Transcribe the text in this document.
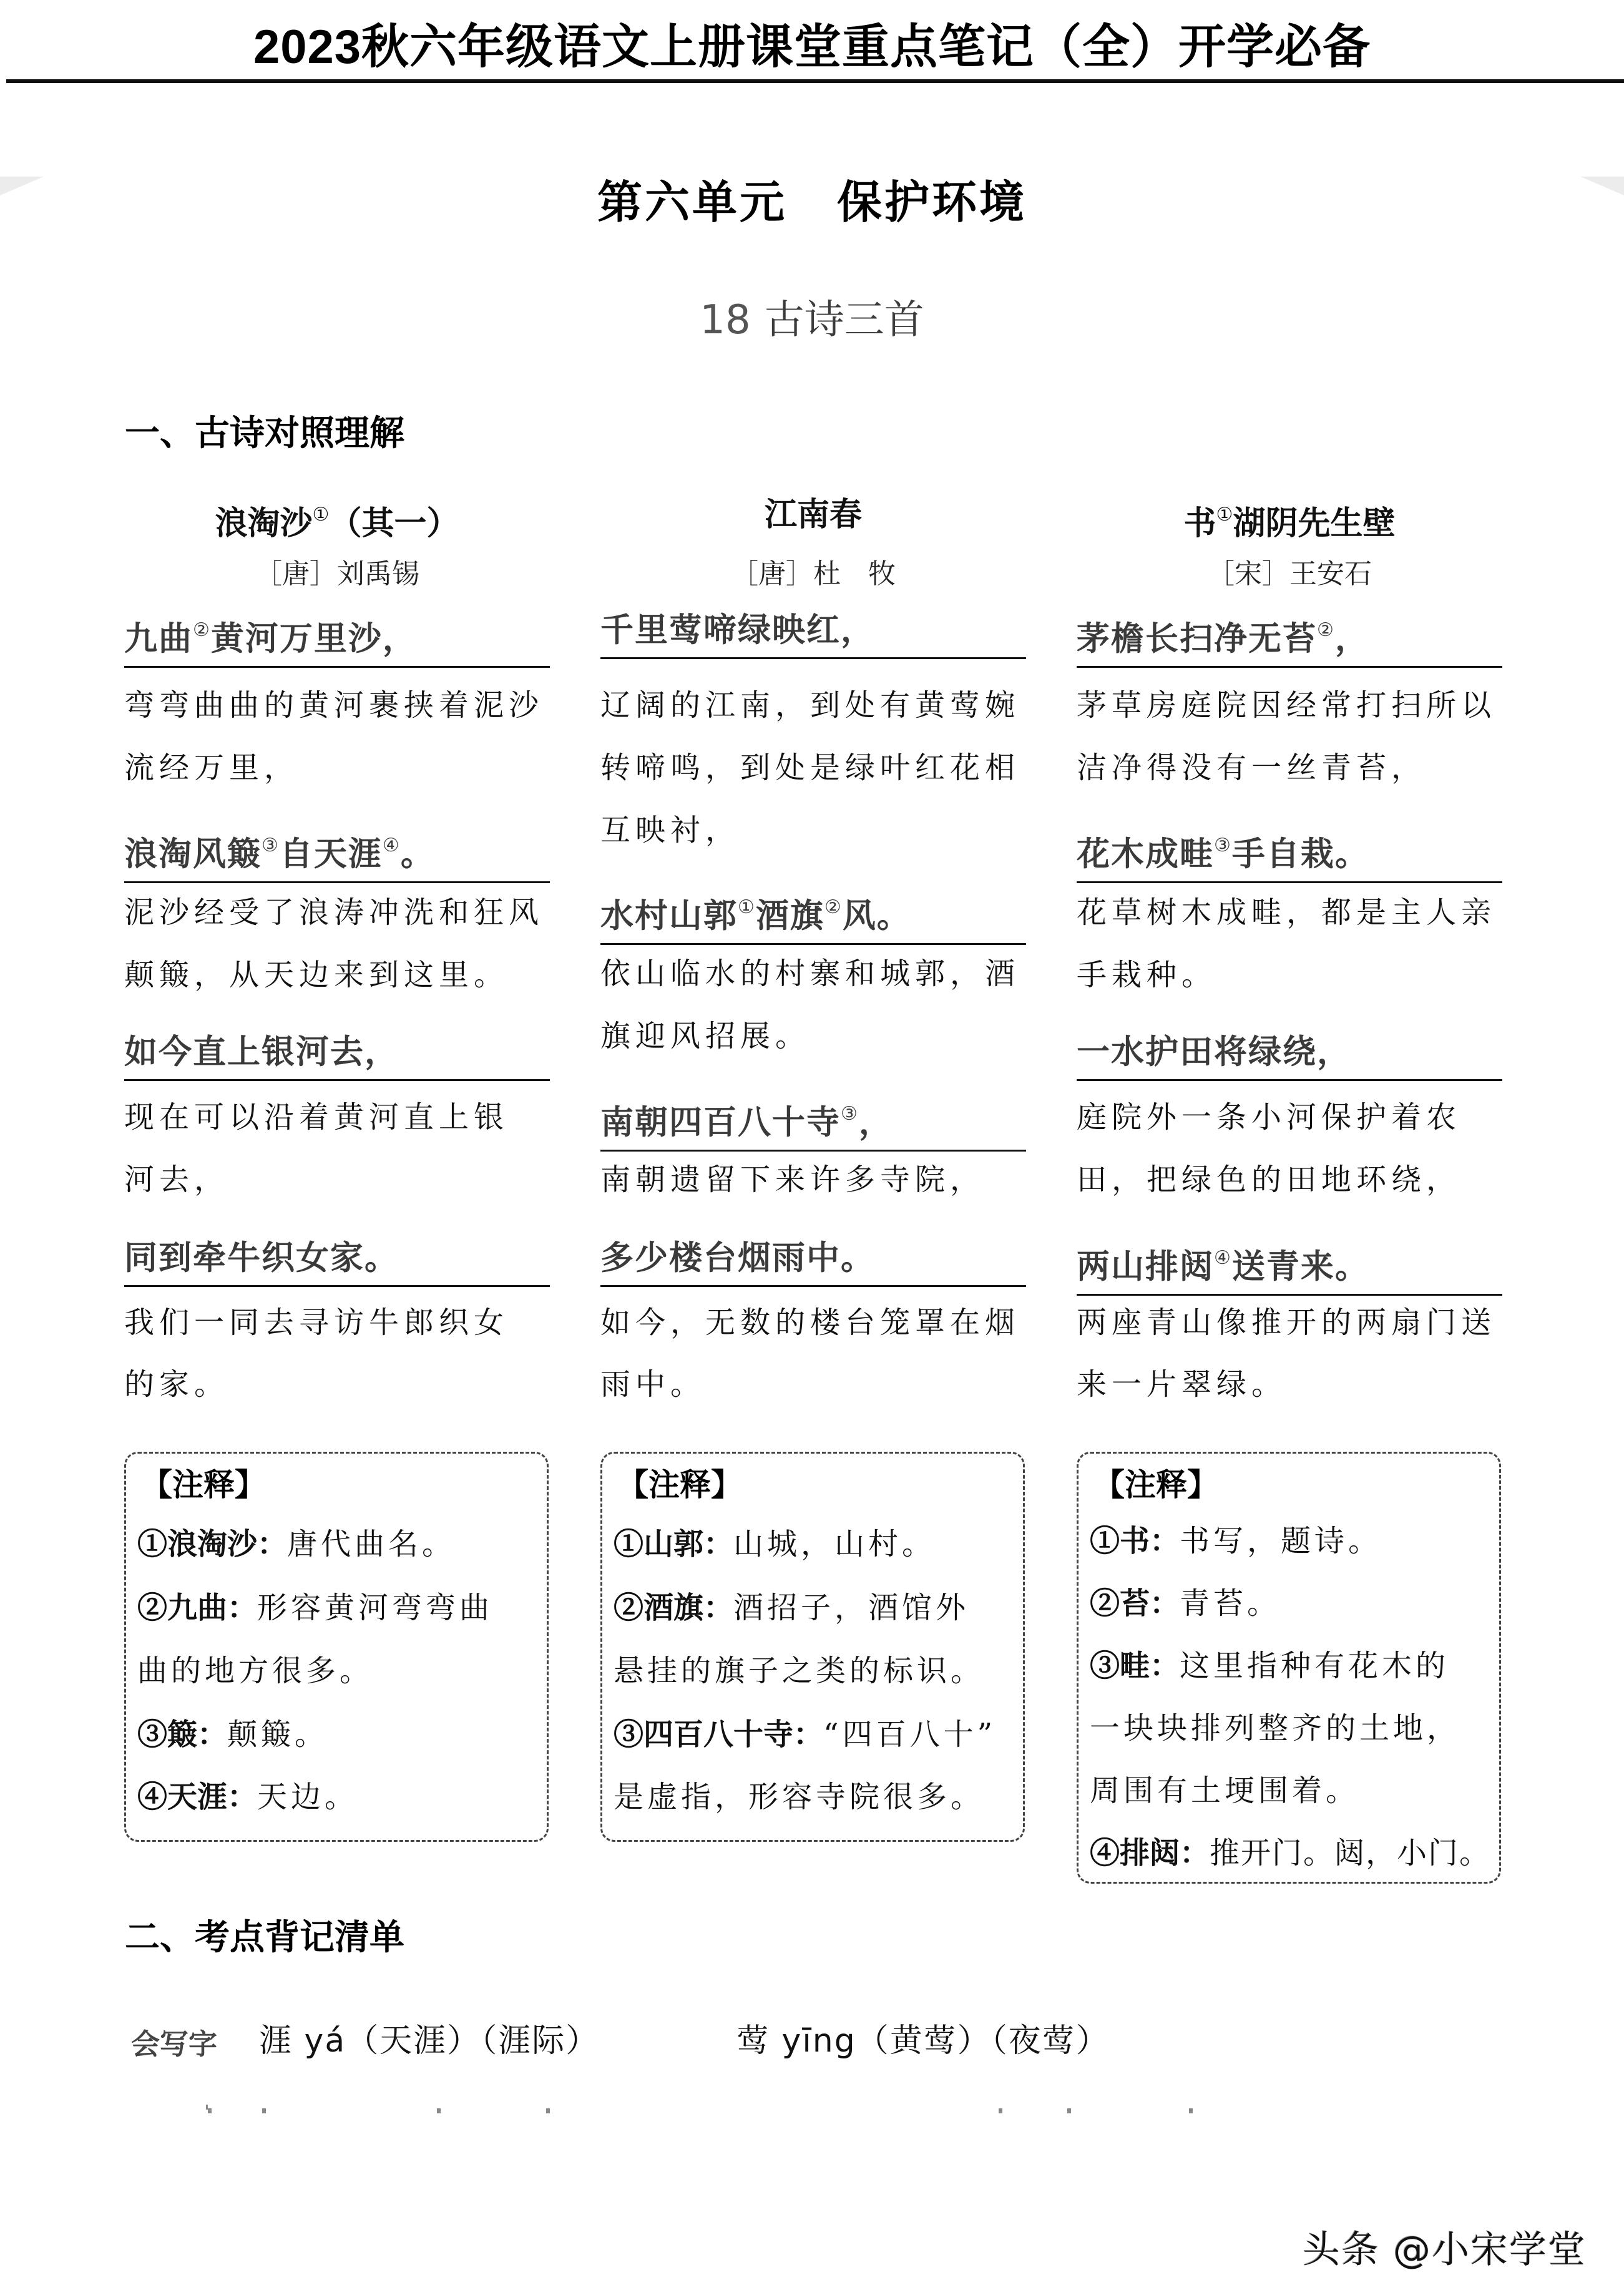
2023秋六年级语文上册课堂重点笔记（全）开学必备
第六单元 保护环境
18 古诗三首
一、古诗对照理解
浪淘沙①（其一）
［唐］刘禹锡
九曲②黄河万里沙，
弯弯曲曲的黄河裹挟着泥沙
流经万里，
浪淘风簸③自天涯④。
泥沙经受了浪涛冲洗和狂风
颠簸，从天边来到这里。
如今直上银河去，
现在可以沿着黄河直上银
河去，
同到牵牛织女家。
我们一同去寻访牛郎织女
的家。
【注释】
①浪淘沙：唐代曲名。
②九曲：形容黄河弯弯曲
曲的地方很多。
③簸：颠簸。
④天涯：天边。
江南春
［唐］杜　牧
千里莺啼绿映红，
辽阔的江南，到处有黄莺婉
转啼鸣，到处是绿叶红花相
互映衬，
水村山郭①酒旗②风。
依山临水的村寨和城郭，酒
旗迎风招展。
南朝四百八十寺③，
南朝遗留下来许多寺院，
多少楼台烟雨中。
如今，无数的楼台笼罩在烟
雨中。
【注释】
①山郭：山城，山村。
②酒旗：酒招子，酒馆外
悬挂的旗子之类的标识。
③四百八十寺：“四百八十”
是虚指，形容寺院很多。
书①湖阴先生壁
［宋］王安石
茅檐长扫净无苔②，
茅草房庭院因经常打扫所以
洁净得没有一丝青苔，
花木成畦③手自栽。
花草树木成畦，都是主人亲
手栽种。
一水护田将绿绕，
庭院外一条小河保护着农
田，把绿色的田地环绕，
两山排闼④送青来。
两座青山像推开的两扇门送
来一片翠绿。
【注释】
①书：书写，题诗。
②苔：青苔。
③畦：这里指种有花木的
一块块排列整齐的土地，
周围有土埂围着。
④排闼：推开门。闼，小门。
二、考点背记清单
会写字 涯 yá（天涯）（涯际）	莺 yīng（黄莺）（夜莺）
头条 @小宋学堂
